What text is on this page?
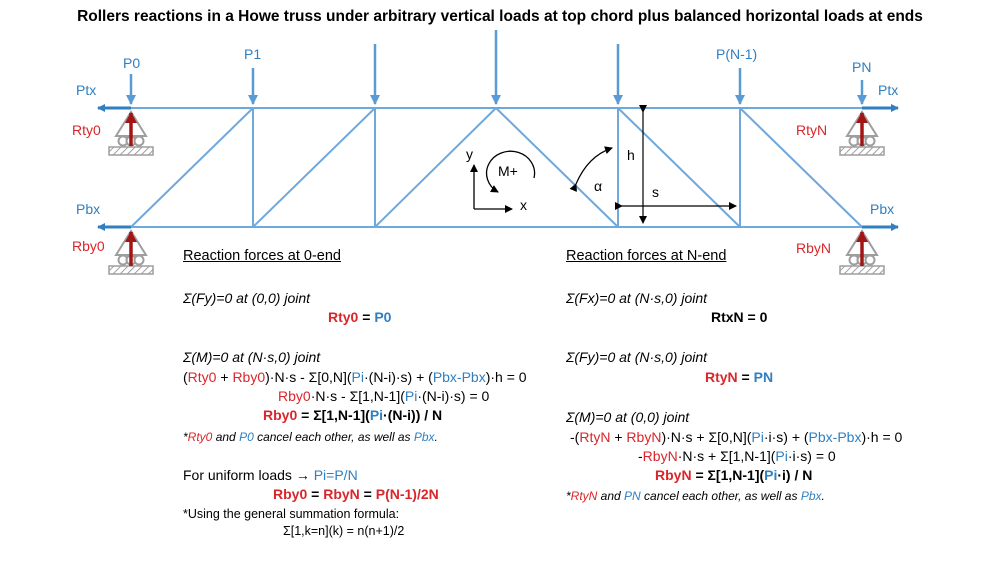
Rollers reactions in a Howe truss under arbitrary vertical loads at top chord plus balanced horizontal loads at ends
P0
P1	P(N-1)
PN
Ptx	Ptx
Pbx	Pbx
Rty0	RtyN
Rby0	RbyN
h
s
α
M+
y
x
Reaction forces at 0-end
Σ(Fy)=0 at (0,0) joint
Rty0 = P0
Σ(M)=0 at (N·s,0) joint
(Rty0 + Rby0)·N·s - Σ[0,N](Pi·(N-i)·s) + (Pbx-Pbx)·h = 0
Rby0·N·s - Σ[1,N-1](Pi·(N-i)·s) = 0
Rby0 = Σ[1,N-1](Pi·(N-i)) / N
*Rty0 and P0 cancel each other, as well as Pbx.
For uniform loads → Pi=P/N
Rby0 = RbyN = P(N-1)/2N
*Using the general summation formula:
Σ[1,k=n](k) = n(n+1)/2
Reaction forces at N-end
Σ(Fx)=0 at (N·s,0) joint
RtxN = 0
Σ(Fy)=0 at (N·s,0) joint
RtyN = PN
Σ(M)=0 at (0,0) joint
-(RtyN + RbyN)·N·s + Σ[0,N](Pi·i·s) + (Pbx-Pbx)·h = 0
-RbyN·N·s + Σ[1,N-1](Pi·i·s) = 0
RbyN = Σ[1,N-1](Pi·i) / N
*RtyN and PN cancel each other, as well as Pbx.
